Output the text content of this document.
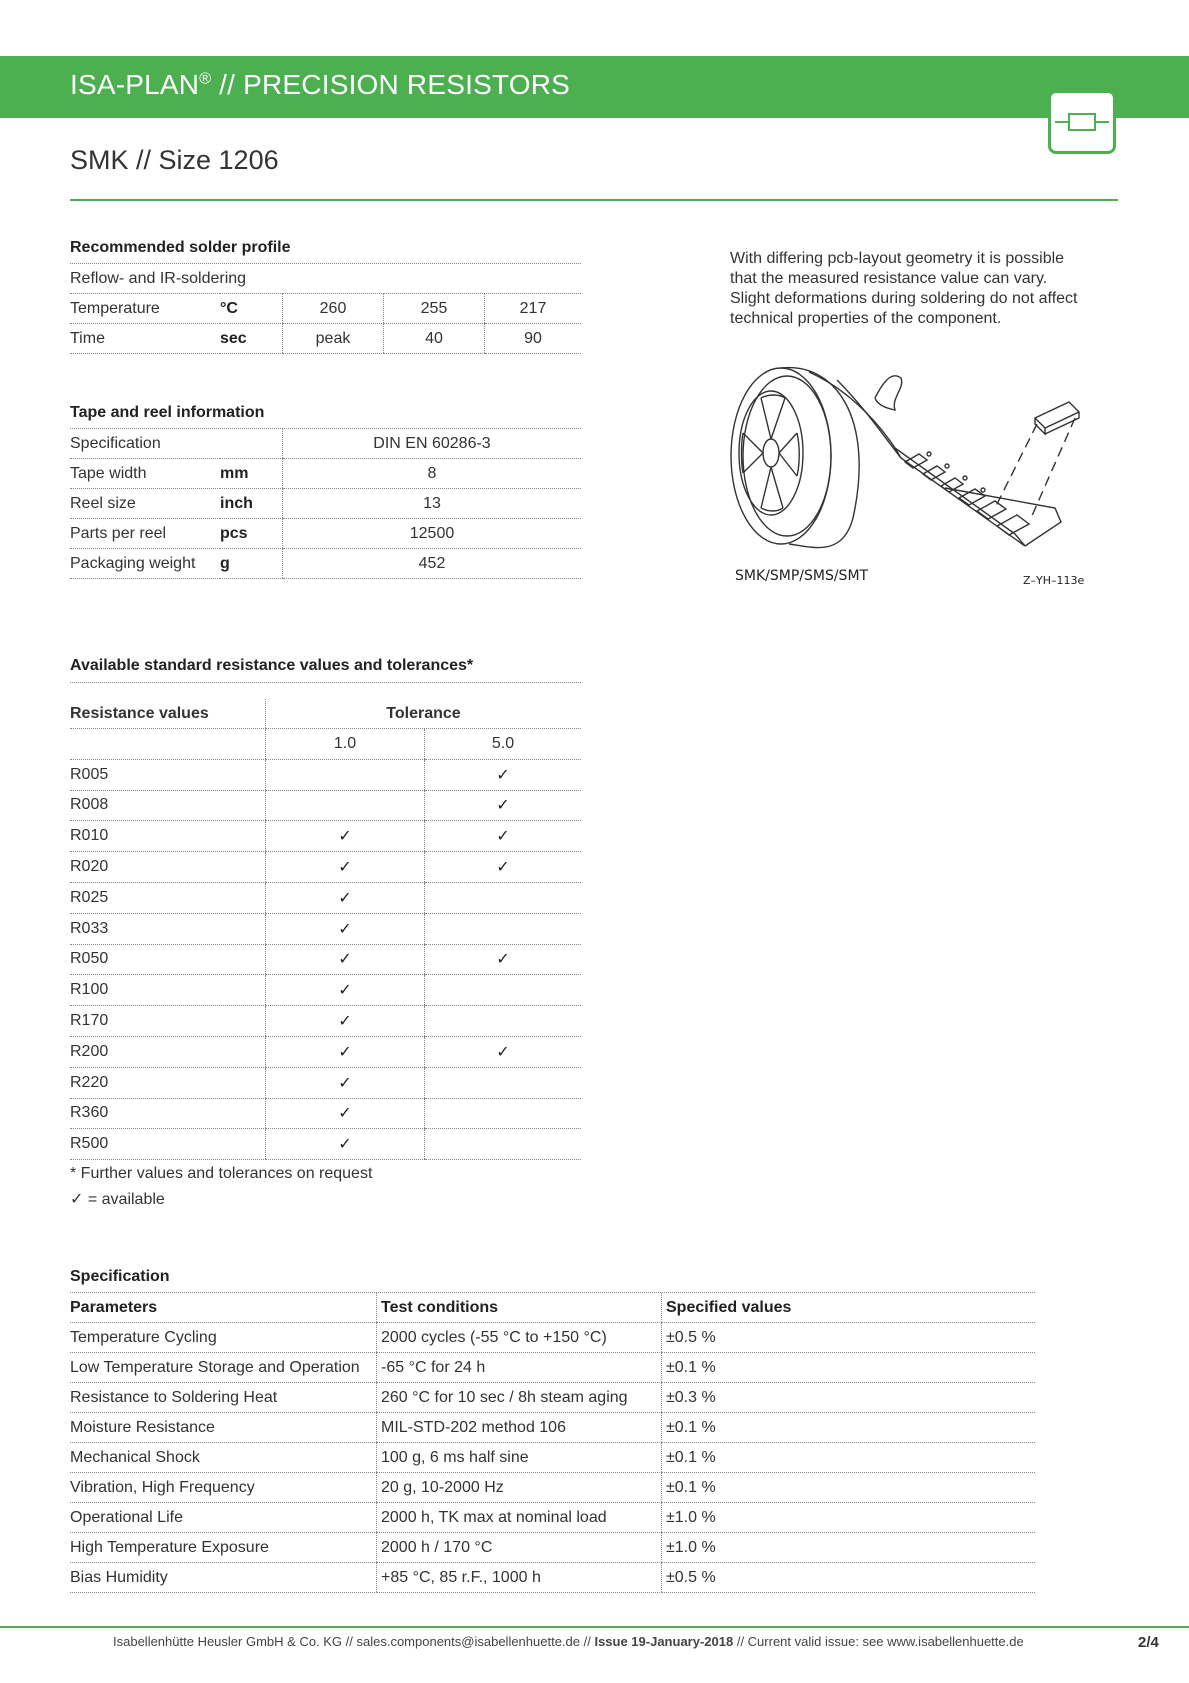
ISA-PLAN® // PRECISION RESISTORS
SMK // Size 1206
Recommended solder profile
Reflow- and IR-soldering				
Temperature	°C	260	255	217
Time	sec	peak	40	90
Tape and reel information
Specification		DIN EN 60286-3
Tape width	mm	8
Reel size	inch	13
Parts per reel	pcs	12500
Packaging weight	g	452
With differing pcb-layout geometry it is possible that the measured resistance value can vary. Slight deformations during soldering do not affect technical properties of the component.
SMK/SMP/SMS/SMT	Z–YH–113e
Available standard resistance values and tolerances*
Resistance values	Tolerance	
	1.0	5.0
R005		✓
R008		✓
R010	✓	✓
R020	✓	✓
R025	✓	
R033	✓	
R050	✓	✓
R100	✓	
R170	✓	
R200	✓	✓
R220	✓	
R360	✓	
R500	✓	
* Further values and tolerances on request
✓ = available
Specification
Parameters	Test conditions	Specified values
Temperature Cycling	2000 cycles (-55 °C to +150 °C)	±0.5 %
Low Temperature Storage and Operation	-65 °C for 24 h	±0.1 %
Resistance to Soldering Heat	260 °C for 10 sec / 8h steam aging	±0.3 %
Moisture Resistance	MIL-STD-202 method 106	±0.1 %
Mechanical Shock	100 g, 6 ms half sine	±0.1 %
Vibration, High Frequency	20 g, 10-2000 Hz	±0.1 %
Operational Life	2000 h, TK max at nominal load	±1.0 %
High Temperature Exposure	2000 h / 170 °C	±1.0 %
Bias Humidity	+85 °C, 85 r.F., 1000 h	±0.5 %
Isabellenhütte Heusler GmbH & Co. KG // sales.components@isabellenhuette.de // Issue 19-January-2018 // Current valid issue: see www.isabellenhuette.de	2/4
